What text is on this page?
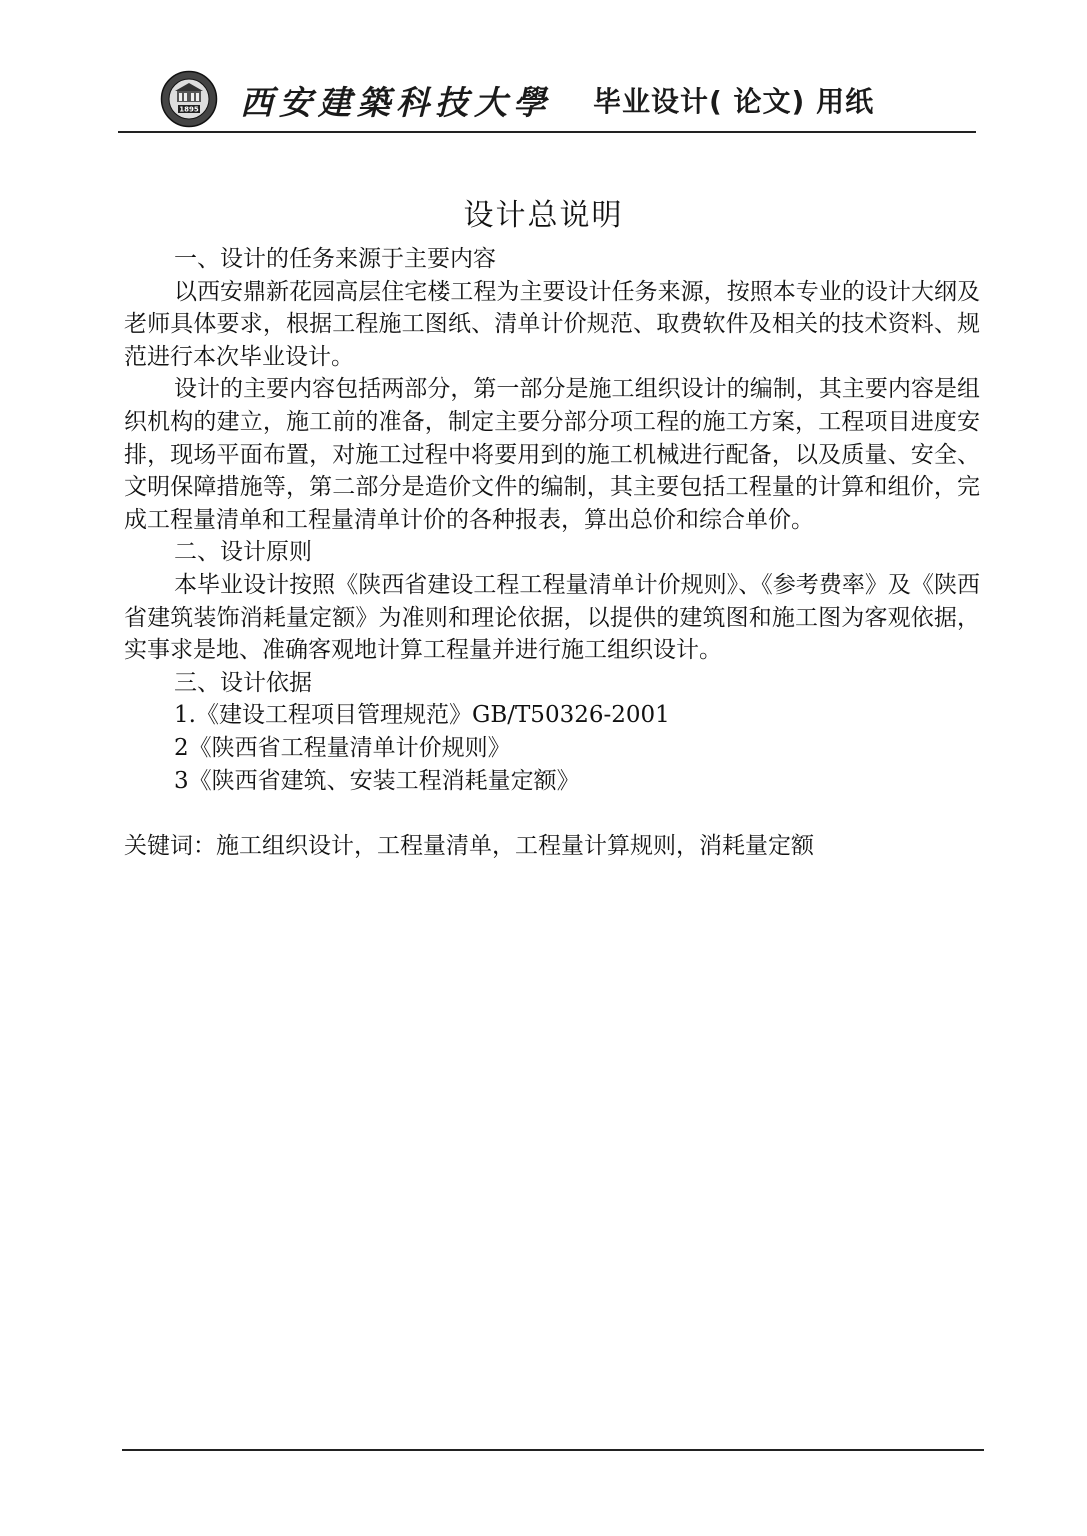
1895 西安建築科技大學 毕业设计( 论文) 用纸
设计总说明

一、设计的任务来源于主要内容

以西安鼎新花园高层住宅楼工程为主要设计任务来源，按照本专业的设计大纲及老师具体要求，根据工程施工图纸、清单计价规范、取费软件及相关的技术资料、规范进行本次毕业设计。

设计的主要内容包括两部分，第一部分是施工组织设计的编制，其主要内容是组织机构的建立，施工前的准备，制定主要分部分项工程的施工方案，工程项目进度安排，现场平面布置，对施工过程中将要用到的施工机械进行配备，以及质量、安全、文明保障措施等，第二部分是造价文件的编制，其主要包括工程量的计算和组价，完成工程量清单和工程量清单计价的各种报表，算出总价和综合单价。

二、设计原则

本毕业设计按照《陕西省建设工程工程量清单计价规则》、《参考费率》及《陕西省建筑装饰消耗量定额》为准则和理论依据，以提供的建筑图和施工图为客观依据，实事求是地、准确客观地计算工程量并进行施工组织设计。

三、设计依据

1.《建设工程项目管理规范》GB/T50326-2001

2《陕西省工程量清单计价规则》

3《陕西省建筑、安装工程消耗量定额》

关键词：施工组织设计，工程量清单，工程量计算规则，消耗量定额
